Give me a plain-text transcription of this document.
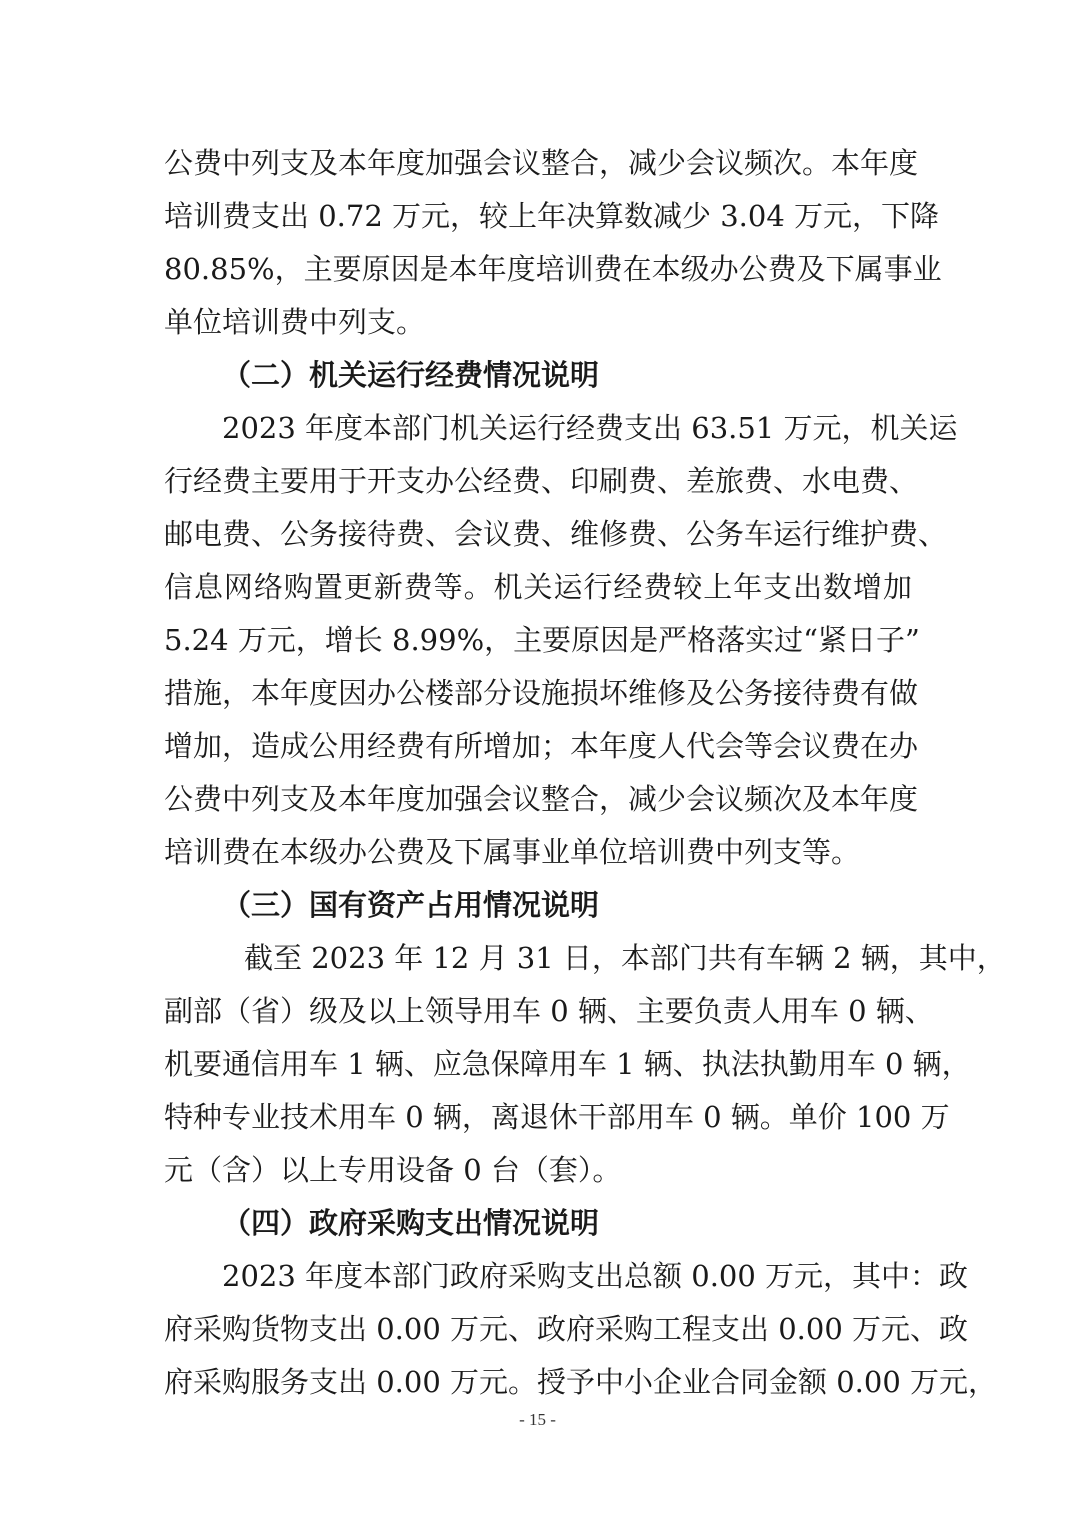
公费中列支及本年度加强会议整合，减少会议频次。本年度
培训费支出 0.72 万元，较上年决算数减少 3.04 万元，下降
80.85%，主要原因是本年度培训费在本级办公费及下属事业
单位培训费中列支。
（二）机关运行经费情况说明
2023 年度本部门机关运行经费支出 63.51 万元，机关运
行经费主要用于开支办公经费、印刷费、差旅费、水电费、
邮电费、公务接待费、会议费、维修费、公务车运行维护费、
信息网络购置更新费等。机关运行经费较上年支出数增加
5.24 万元，增长 8.99%，主要原因是严格落实过“紧日子”
措施，本年度因办公楼部分设施损坏维修及公务接待费有做
增加，造成公用经费有所增加；本年度人代会等会议费在办
公费中列支及本年度加强会议整合，减少会议频次及本年度
培训费在本级办公费及下属事业单位培训费中列支等。
（三）国有资产占用情况说明
截至 2023 年 12 月 31 日，本部门共有车辆 2 辆，其中，
副部（省）级及以上领导用车 0 辆、主要负责人用车 0 辆、
机要通信用车 1 辆、应急保障用车 1 辆、执法执勤用车 0 辆，
特种专业技术用车 0 辆，离退休干部用车 0 辆。单价 100 万
元（含）以上专用设备 0 台（套）。
（四）政府采购支出情况说明
2023 年度本部门政府采购支出总额 0.00 万元，其中：政
府采购货物支出 0.00 万元、政府采购工程支出 0.00 万元、政
府采购服务支出 0.00 万元。授予中小企业合同金额 0.00 万元，
- 15 -
